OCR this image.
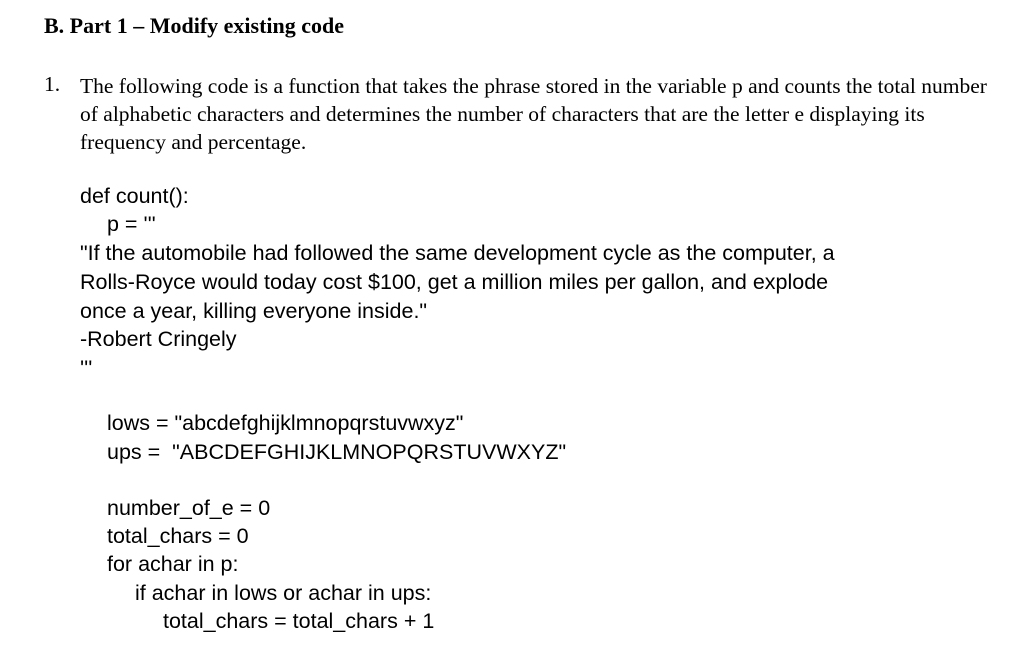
B. Part 1 – Modify existing code
1. The following code is a function that takes the phrase stored in the variable p and counts the total number of alphabetic characters and determines the number of characters that are the letter e displaying its frequency and percentage.
def count():
p = '''
"If the automobile had followed the same development cycle as the computer, a
Rolls-Royce would today cost $100, get a million miles per gallon, and explode
once a year, killing everyone inside."
-Robert Cringely
'''
lows = "abcdefghijklmnopqrstuvwxyz"
ups =  "ABCDEFGHIJKLMNOPQRSTUVWXYZ"
number_of_e = 0
total_chars = 0
for achar in p:
if achar in lows or achar in ups:
total_chars = total_chars + 1
